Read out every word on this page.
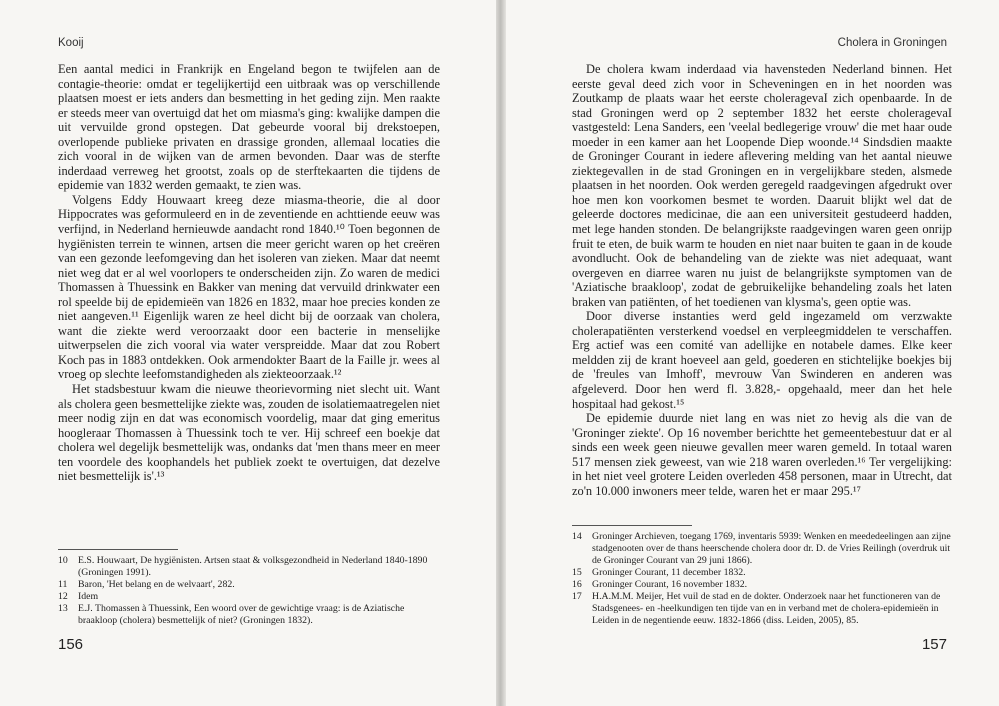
Kooij

Een aantal medici in Frankrijk en Engeland begon te twijfelen aan de contagie-theorie: omdat er tegelijkertijd een uitbraak was op verschillende plaatsen moest er iets anders dan besmetting in het geding zijn. Men raakte er steeds meer van overtuigd dat het om miasma's ging: kwalijke dampen die uit vervuilde grond opstegen. Dat gebeurde vooral bij drekstoepen, overlopende publieke privaten en drassige gronden, allemaal locaties die zich vooral in de wijken van de armen bevonden. Daar was de sterfte inderdaad verreweg het grootst, zoals op de sterftekaarten die tijdens de epidemie van 1832 werden gemaakt, te zien was.

Volgens Eddy Houwaart kreeg deze miasma-theorie, die al door Hippocrates was geformuleerd en in de zeventiende en achttiende eeuw was verfijnd, in Nederland hernieuwde aandacht rond 1840.¹⁰ Toen begonnen de hygiënisten terrein te winnen, artsen die meer gericht waren op het creëren van een gezonde leefomgeving dan het isoleren van zieken. Maar dat neemt niet weg dat er al wel voorlopers te onderscheiden zijn. Zo waren de medici Thomassen à Thuessink en Bakker van mening dat vervuild drinkwater een rol speelde bij de epidemieën van 1826 en 1832, maar hoe precies konden ze niet aangeven.¹¹ Eigenlijk waren ze heel dicht bij de oorzaak van cholera, want die ziekte werd veroorzaakt door een bacterie in menselijke uitwerpselen die zich vooral via water verspreidde. Maar dat zou Robert Koch pas in 1883 ontdekken. Ook armendokter Baart de la Faille jr. wees al vroeg op slechte leefomstandigheden als ziekteoorzaak.¹²

Het stadsbestuur kwam die nieuwe theorievorming niet slecht uit. Want als cholera geen besmettelijke ziekte was, zouden de isolatiemaatregelen niet meer nodig zijn en dat was economisch voordelig, maar dat ging emeritus hoogleraar Thomassen à Thuessink toch te ver. Hij schreef een boekje dat cholera wel degelijk besmettelijk was, ondanks dat 'men thans meer en meer ten voordele des koophandels het publiek zoekt te overtuigen, dat dezelve niet besmettelijk is'.¹³

10 E.S. Houwaart, De hygiënisten. Artsen staat & volksgezondheid in Nederland 1840-1890 (Groningen 1991).
11 Baron, 'Het belang en de welvaart', 282.
12 Idem
13 E.J. Thomassen à Thuessink, Een woord over de gewichtige vraag: is de Aziatische braakloop (cholera) besmettelijk of niet? (Groningen 1832).
156
Cholera in Groningen

De cholera kwam inderdaad via havensteden Nederland binnen. Het eerste geval deed zich voor in Scheveningen en in het noorden was Zoutkamp de plaats waar het eerste choleragevaI zich openbaarde. In de stad Groningen werd op 2 september 1832 het eerste choleragevaI vastgesteld: Lena Sanders, een 'veelal bedlegerige vrouw' die met haar oude moeder in een kamer aan het Loopende Diep woonde.¹⁴ Sindsdien maakte de Groninger Courant in iedere aflevering melding van het aantal nieuwe ziektegevallen in de stad Groningen en in vergelijkbare steden, alsmede plaatsen in het noorden. Ook werden geregeld raadgevingen afgedrukt over hoe men kon voorkomen besmet te worden. Daaruit blijkt wel dat de geleerde doctores medicinae, die aan een universiteit gestudeerd hadden, met lege handen stonden. De belangrijkste raadgevingen waren geen onrijp fruit te eten, de buik warm te houden en niet naar buiten te gaan in de koude avondlucht. Ook de behandeling van de ziekte was niet adequaat, want overgeven en diarree waren nu juist de belangrijkste symptomen van de 'Aziatische braakloop', zodat de gebruikelijke behandeling zoals het laten braken van patiënten, of het toedienen van klysma's, geen optie was.

Door diverse instanties werd geld ingezameld om verzwakte cholerapatiënten versterkend voedsel en verpleegmiddelen te verschaffen. Erg actief was een comité van adellijke en notabele dames. Elke keer meldden zij de krant hoeveel aan geld, goederen en stichtelijke boekjes bij de 'freules van Imhoff', mevrouw Van Swinderen en anderen was afgeleverd. Door hen werd fl. 3.828,- opgehaald, meer dan het hele hospitaal had gekost.¹⁵

De epidemie duurde niet lang en was niet zo hevig als die van de 'Groninger ziekte'. Op 16 november berichtte het gemeentebestuur dat er al sinds een week geen nieuwe gevallen meer waren gemeld. In totaal waren 517 mensen ziek geweest, van wie 218 waren overleden.¹⁶ Ter vergelijking: in het niet veel grotere Leiden overleden 458 personen, maar in Utrecht, dat zo'n 10.000 inwoners meer telde, waren het er maar 295.¹⁷

14 Groninger Archieven, toegang 1769, inventaris 5939: Wenken en meededeelingen aan zijne stadgenooten over de thans heerschende cholera door dr. D. de Vries Reilingh (overdruk uit de Groninger Courant van 29 juni 1866).
15 Groninger Courant, 11 december 1832.
16 Groninger Courant, 16 november 1832.
17 H.A.M.M. Meijer, Het vuil de stad en de dokter. Onderzoek naar het functioneren van de Stadsgenees- en -heelkundigen ten tijde van en in verband met de cholera-epidemieën in Leiden in de negentiende eeuw. 1832-1866 (diss. Leiden, 2005), 85.
157
